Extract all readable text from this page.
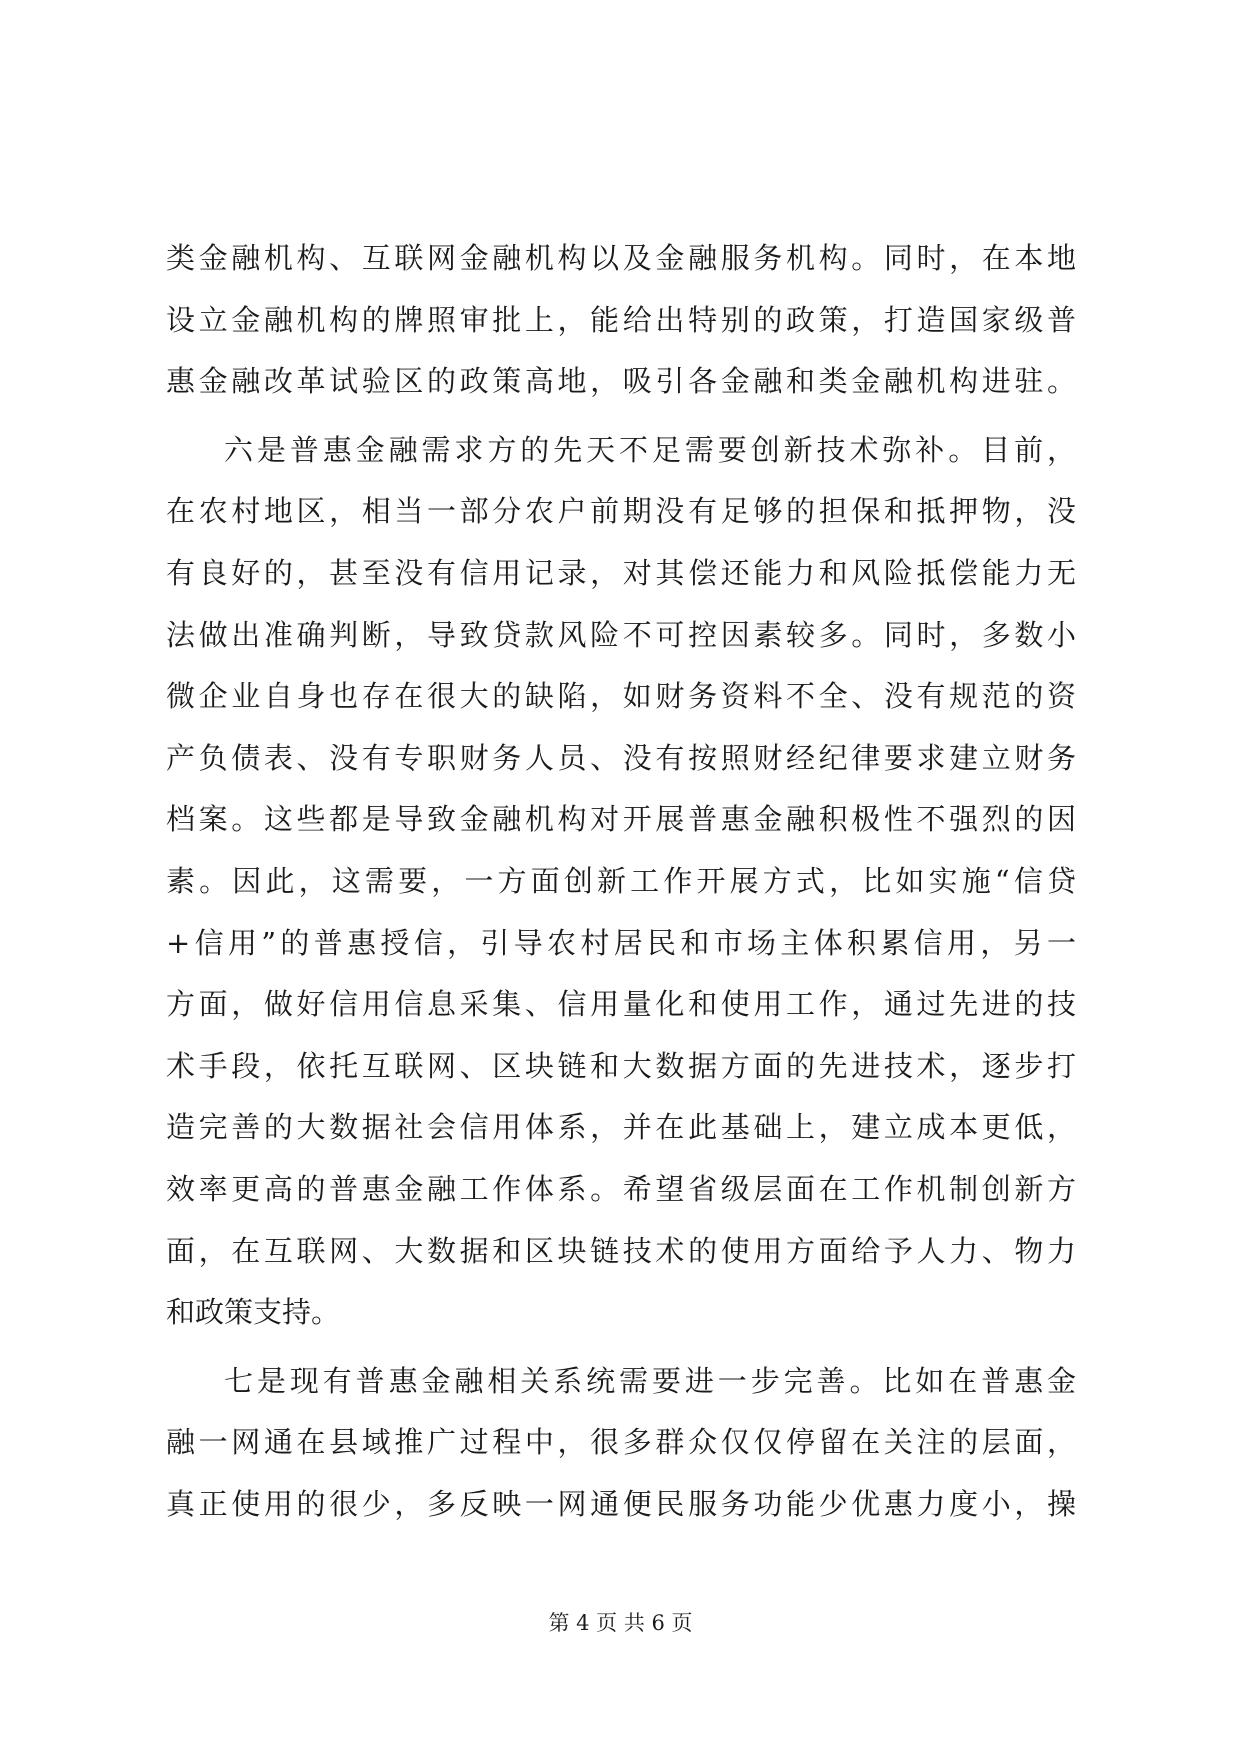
类金融机构、互联网金融机构以及金融服务机构。同时，在本地
设立金融机构的牌照审批上，能给出特别的政策，打造国家级普
惠金融改革试验区的政策高地，吸引各金融和类金融机构进驻。
六是普惠金融需求方的先天不足需要创新技术弥补。目前，
在农村地区，相当一部分农户前期没有足够的担保和抵押物，没
有良好的，甚至没有信用记录，对其偿还能力和风险抵偿能力无
法做出准确判断，导致贷款风险不可控因素较多。同时，多数小
微企业自身也存在很大的缺陷，如财务资料不全、没有规范的资
产负债表、没有专职财务人员、没有按照财经纪律要求建立财务
档案。这些都是导致金融机构对开展普惠金融积极性不强烈的因
素。因此，这需要，一方面创新工作开展方式，比如实施“信贷
+信用”的普惠授信，引导农村居民和市场主体积累信用，另一
方面，做好信用信息采集、信用量化和使用工作，通过先进的技
术手段，依托互联网、区块链和大数据方面的先进技术，逐步打
造完善的大数据社会信用体系，并在此基础上，建立成本更低，
效率更高的普惠金融工作体系。希望省级层面在工作机制创新方
面，在互联网、大数据和区块链技术的使用方面给予人力、物力
和政策支持。
七是现有普惠金融相关系统需要进一步完善。比如在普惠金
融一网通在县域推广过程中，很多群众仅仅停留在关注的层面，
真正使用的很少，多反映一网通便民服务功能少优惠力度小，操
第 4 页 共 6 页
